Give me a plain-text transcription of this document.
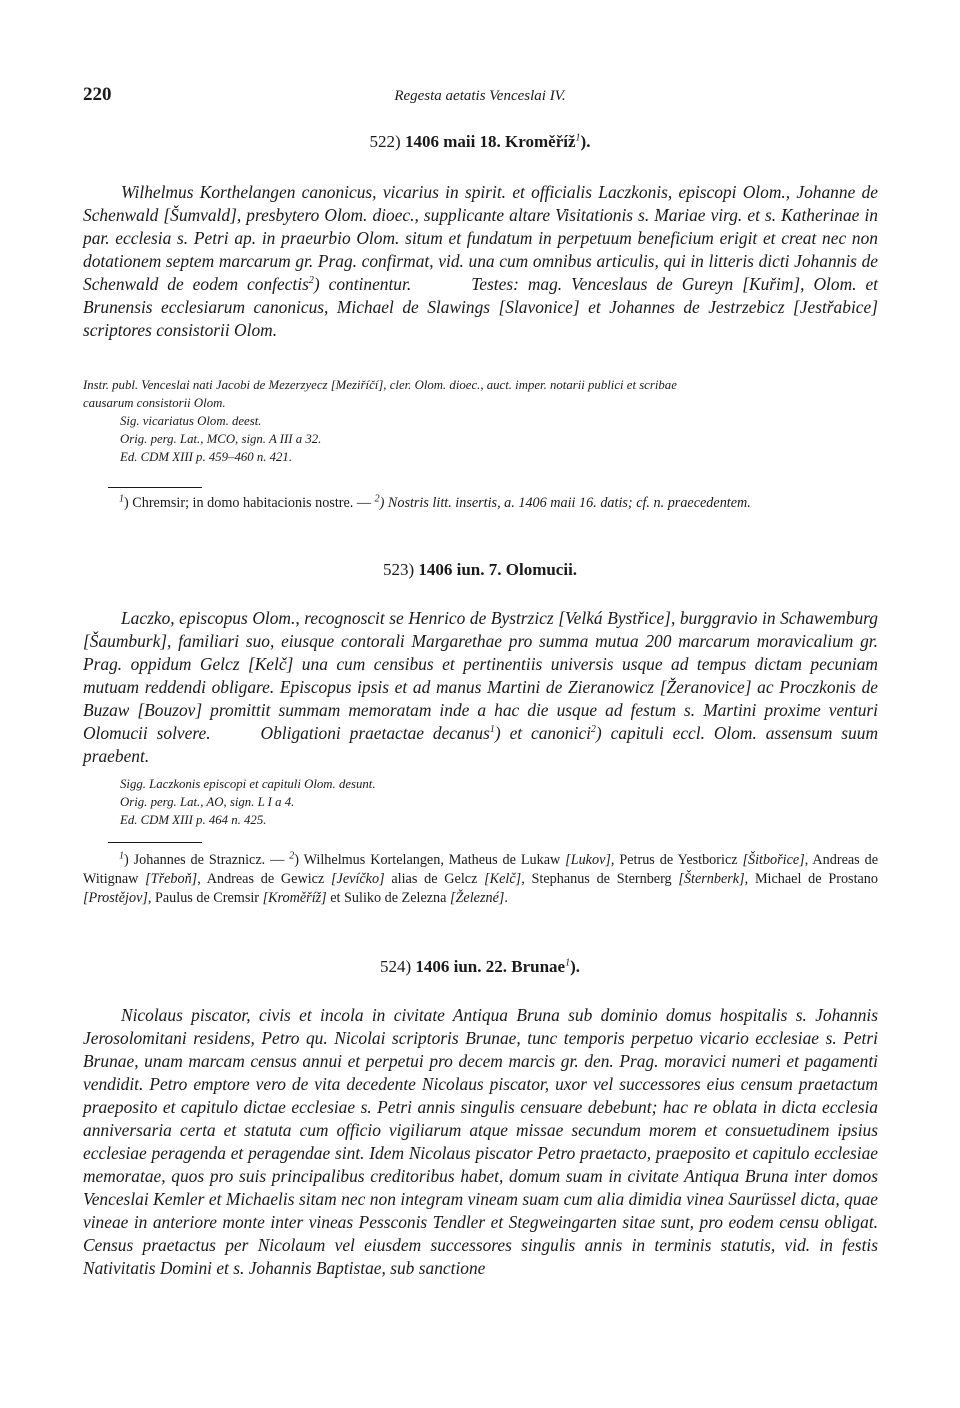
220	Regesta aetatis Venceslai IV.
522) 1406 maii 18. Kroměříž$^1$).

Wilhelmus Korthelangen canonicus, vicarius in spirit. et officialis Laczkonis, episcopi Olom., Johanne de Schenwald [Šumvald], presbytero Olom. dioec., supplicante altare Visitationis s. Mariae virg. et s. Katherinae in par. ecclesia s. Petri ap. in praeurbio Olom. situm et fundatum in perpetuum beneficium erigit et creat nec non dotationem septem marcarum gr. Prag. confirmat, vid. una cum omnibus articulis, qui in litteris dicti Johannis de Schenwald de eodem confectis$^2$) continentur.	Testes: mag. Venceslaus de Gureyn [Kuřim], Olom. et Brunensis ecclesiarum canonicus, Michael de Slawings [Slavonice] et Johannes de Jestrzebicz [Jestřabice] scriptores consistorii Olom.

Instr. publ. Venceslai nati Jacobi de Mezerzyecz [Meziříčí], cler. Olom. dioec., auct. imper. notarii publici et scribae
causarum consistorii Olom.
Sig. vicariatus Olom. deest.
Orig. perg. Lat., MCO, sign. A III a 32.
Ed. CDM XIII p. 459–460 n. 421.
$^1$) Chremsir; in domo habitacionis nostre. — $^2$) Nostris litt. insertis, a. 1406 maii 16. datis; cf. n. praecedentem.
523) 1406 iun. 7. Olomucii.

Laczko, episcopus Olom., recognoscit se Henrico de Bystrzicz [Velká Bystřice], burggravio in Schawemburg [Šaumburk], familiari suo, eiusque contorali Margarethae pro summa mutua 200 marcarum moravicalium gr. Prag. oppidum Gelcz [Kelč] una cum censibus et pertinentiis universis usque ad tempus dictam pecuniam mutuam reddendi obligare. Episcopus ipsis et ad manus Martini de Zieranowicz [Žeranovice] ac Proczkonis de Buzaw [Bouzov] promittit summam memoratam inde a hac die usque ad festum s. Martini proxime venturi Olomucii solvere.	Obligationi praetactae decanus$^1$) et canonici$^2$) capituli eccl. Olom. assensum suum praebent.

Sigg. Laczkonis episcopi et capituli Olom. desunt.
Orig. perg. Lat., AO, sign. L I a 4.
Ed. CDM XIII p. 464 n. 425.
$^1$) Johannes de Straznicz. — $^2$) Wilhelmus Kortelangen, Matheus de Lukaw [Lukov], Petrus de Yestboricz [Šitbořice], Andreas de Witignaw [Třeboň], Andreas de Gewicz [Jevíčko] alias de Gelcz [Kelč], Stephanus de Sternberg [Šternberk], Michael de Prostano [Prostějov], Paulus de Cremsir [Kroměříž] et Suliko de Zelezna [Železné].
524) 1406 iun. 22. Brunae$^1$).

Nicolaus piscator, civis et incola in civitate Antiqua Bruna sub dominio domus hospitalis s. Johannis Jerosolomitani residens, Petro qu. Nicolai scriptoris Brunae, tunc temporis perpetuo vicario ecclesiae s. Petri Brunae, unam marcam census annui et perpetui pro decem marcis gr. den. Prag. moravici numeri et pagamenti vendidit. Petro emptore vero de vita decedente Nicolaus piscator, uxor vel successores eius censum praetactum praeposito et capitulo dictae ecclesiae s. Petri annis singulis censuare debebunt; hac re oblata in dicta ecclesia anniversaria certa et statuta cum officio vigiliarum atque missae secundum morem et consuetudinem ipsius ecclesiae peragenda et peragendae sint. Idem Nicolaus piscator Petro praetacto, praeposito et capitulo ecclesiae memoratae, quos pro suis principalibus creditoribus habet, domum suam in civitate Antiqua Bruna inter domos Venceslai Kemler et Michaelis sitam nec non integram vineam suam cum alia dimidia vinea Saurüssel dicta, quae vineae in anteriore monte inter vineas Pessconis Tendler et Stegweingarten sitae sunt, pro eodem censu obligat. Census praetactus per Nicolaum vel eiusdem successores singulis annis in terminis statutis, vid. in festis Nativitatis Domini et s. Johannis Baptistae, sub sanctione
